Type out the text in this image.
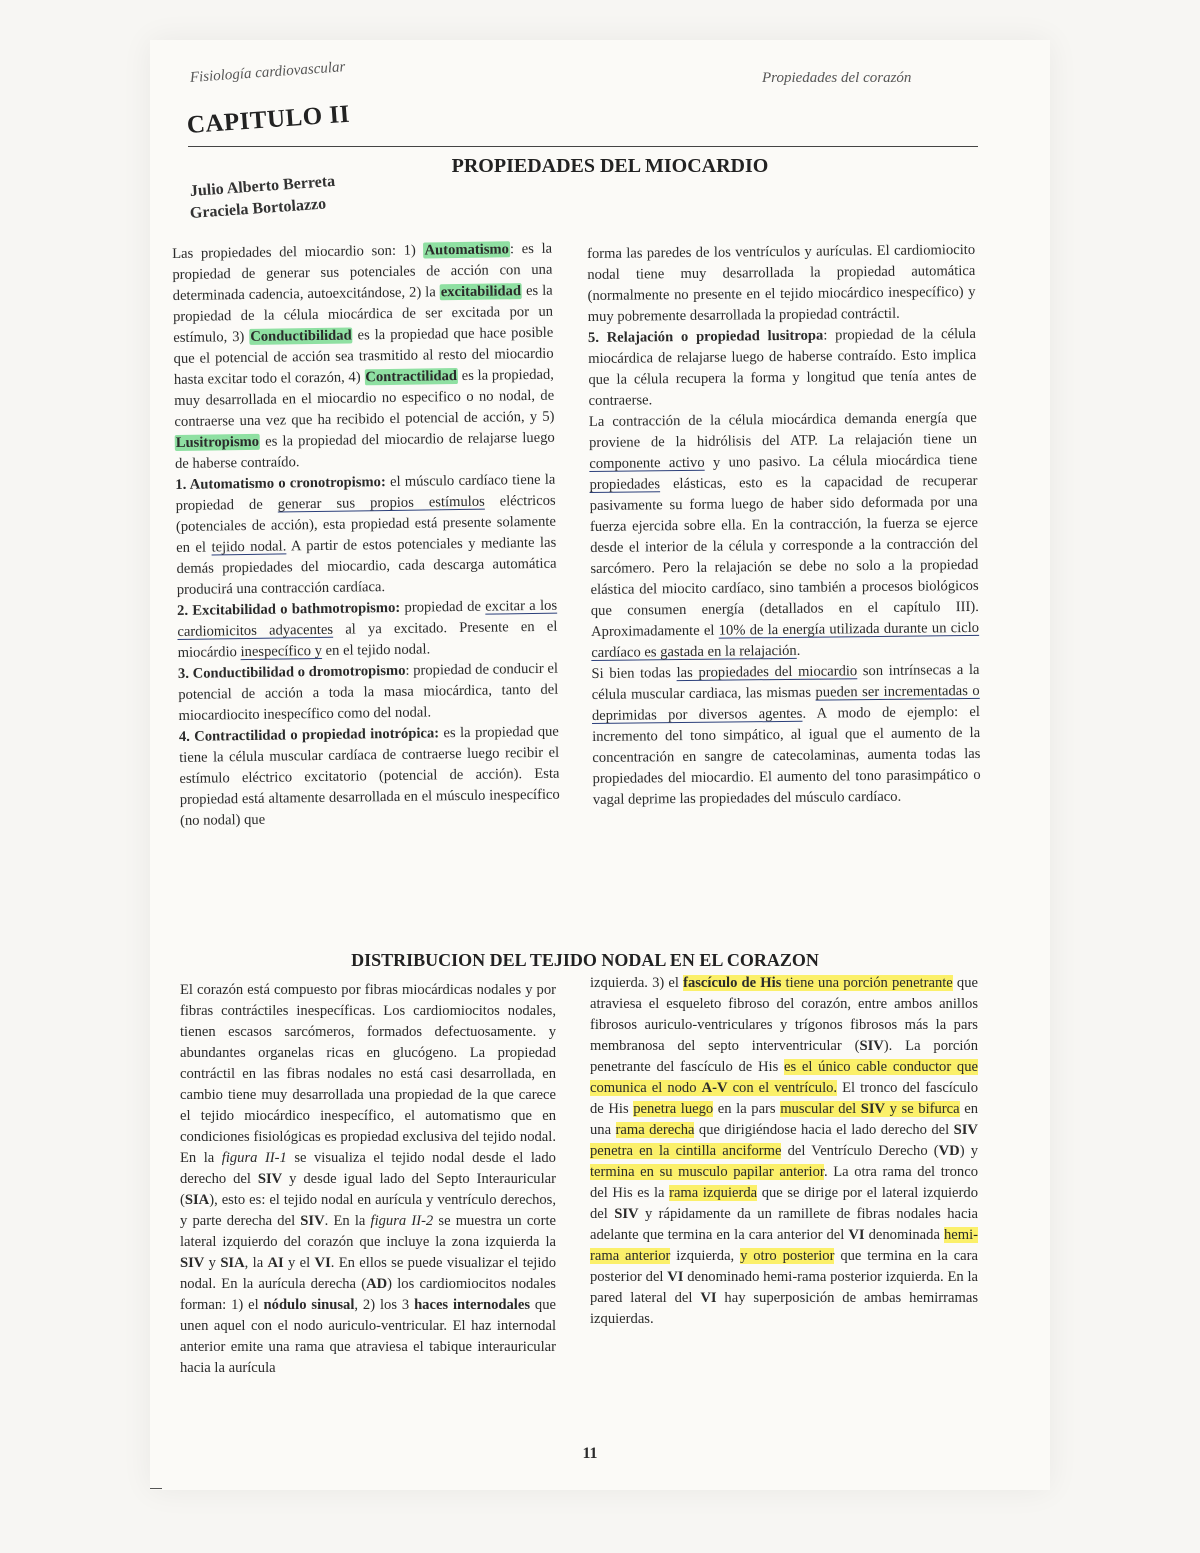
Fisiología cardiovascular	Propiedades del corazón
CAPITULO II
PROPIEDADES DEL MIOCARDIO
Julio Alberto Berreta
Graciela Bortolazzo

Las propiedades del miocardio son: 1) Automatismo: es la propiedad de generar sus potenciales de acción con una determinada cadencia, autoexcitándose, 2) la excitabilidad es la propiedad de la célula miocárdica de ser excitada por un estímulo, 3) Conductibilidad es la propiedad que hace posible que el potencial de acción sea trasmitido al resto del miocardio hasta excitar todo el corazón, 4) Contractilidad es la propiedad, muy desarrollada en el miocardio no especifico o no nodal, de contraerse una vez que ha recibido el potencial de acción, y 5) Lusitropismo es la propiedad del miocardio de relajarse luego de haberse contraído.

1. Automatismo o cronotropismo: el músculo cardíaco tiene la propiedad de generar sus propios estímulos eléctricos (potenciales de acción), esta propiedad está presente solamente en el tejido nodal. A partir de estos potenciales y mediante las demás propiedades del miocardio, cada descarga automática producirá una contracción cardíaca.

2. Excitabilidad o bathmotropismo: propiedad de excitar a los cardiomicitos adyacentes al ya excitado. Presente en el miocárdio inespecífico y en el tejido nodal.

3. Conductibilidad o dromotropismo: propiedad de conducir el potencial de acción a toda la masa miocárdica, tanto del miocardiocito inespecífico como del nodal.

4. Contractilidad o propiedad inotrópica: es la propiedad que tiene la célula muscular cardíaca de contraerse luego recibir el estímulo eléctrico excitatorio (potencial de acción). Esta propiedad está altamente desarrollada en el músculo inespecífico (no nodal) que

forma las paredes de los ventrículos y aurículas. El cardiomiocito nodal tiene muy desarrollada la propiedad automática (normalmente no presente en el tejido miocárdico inespecífico) y muy pobremente desarrollada la propiedad contráctil.

5. Relajación o propiedad lusitropa: propiedad de la célula miocárdica de relajarse luego de haberse contraído. Esto implica que la célula recupera la forma y longitud que tenía antes de contraerse.

La contracción de la célula miocárdica demanda energía que proviene de la hidrólisis del ATP. La relajación tiene un componente activo y uno pasivo. La célula miocárdica tiene propiedades elásticas, esto es la capacidad de recuperar pasivamente su forma luego de haber sido deformada por una fuerza ejercida sobre ella. En la contracción, la fuerza se ejerce desde el interior de la célula y corresponde a la contracción del sarcómero. Pero la relajación se debe no solo a la propiedad elástica del miocito cardíaco, sino también a procesos biológicos que consumen energía (detallados en el capítulo III). Aproximadamente el 10% de la energía utilizada durante un ciclo cardíaco es gastada en la relajación.

Si bien todas las propiedades del miocardio son intrínsecas a la célula muscular cardiaca, las mismas pueden ser incrementadas o deprimidas por diversos agentes. A modo de ejemplo: el incremento del tono simpático, al igual que el aumento de la concentración en sangre de catecolaminas, aumenta todas las propiedades del miocardio. El aumento del tono parasimpático o vagal deprime las propiedades del músculo cardíaco.

DISTRIBUCION DEL TEJIDO NODAL EN EL CORAZON

El corazón está compuesto por fibras miocárdicas nodales y por fibras contráctiles inespecíficas. Los cardiomiocitos nodales, tienen escasos sarcómeros, formados defectuosamente. y abundantes organelas ricas en glucógeno. La propiedad contráctil en las fibras nodales no está casi desarrollada, en cambio tiene muy desarrollada una propiedad de la que carece el tejido miocárdico inespecífico, el automatismo que en condiciones fisiológicas es propiedad exclusiva del tejido nodal. En la figura II-1 se visualiza el tejido nodal desde el lado derecho del SIV y desde igual lado del Septo Interauricular (SIA), esto es: el tejido nodal en aurícula y ventrículo derechos, y parte derecha del SIV. En la figura II-2 se muestra un corte lateral izquierdo del corazón que incluye la zona izquierda la SIV y SIA, la AI y el VI. En ellos se puede visualizar el tejido nodal. En la aurícula derecha (AD) los cardiomiocitos nodales forman: 1) el nódulo sinusal, 2) los 3 haces internodales que unen aquel con el nodo auriculo-ventricular. El haz internodal anterior emite una rama que atraviesa el tabique interauricular hacia la aurícula

izquierda. 3) el fascículo de His tiene una porción penetrante que atraviesa el esqueleto fibroso del corazón, entre ambos anillos fibrosos auriculo-ventriculares y trígonos fibrosos más la pars membranosa del septo interventricular (SIV). La porción penetrante del fascículo de His es el único cable conductor que comunica el nodo A-V con el ventrículo. El tronco del fascículo de His penetra luego en la pars muscular del SIV y se bifurca en una rama derecha que dirigiéndose hacia el lado derecho del SIV penetra en la cintilla anciforme del Ventrículo Derecho (VD) y termina en su musculo papilar anterior. La otra rama del tronco del His es la rama izquierda que se dirige por el lateral izquierdo del SIV y rápidamente da un ramillete de fibras nodales hacia adelante que termina en la cara anterior del VI denominada hemi-rama anterior izquierda, y otro posterior que termina en la cara posterior del VI denominado hemi-rama posterior izquierda. En la pared lateral del VI hay superposición de ambas hemirramas izquierdas.

11
